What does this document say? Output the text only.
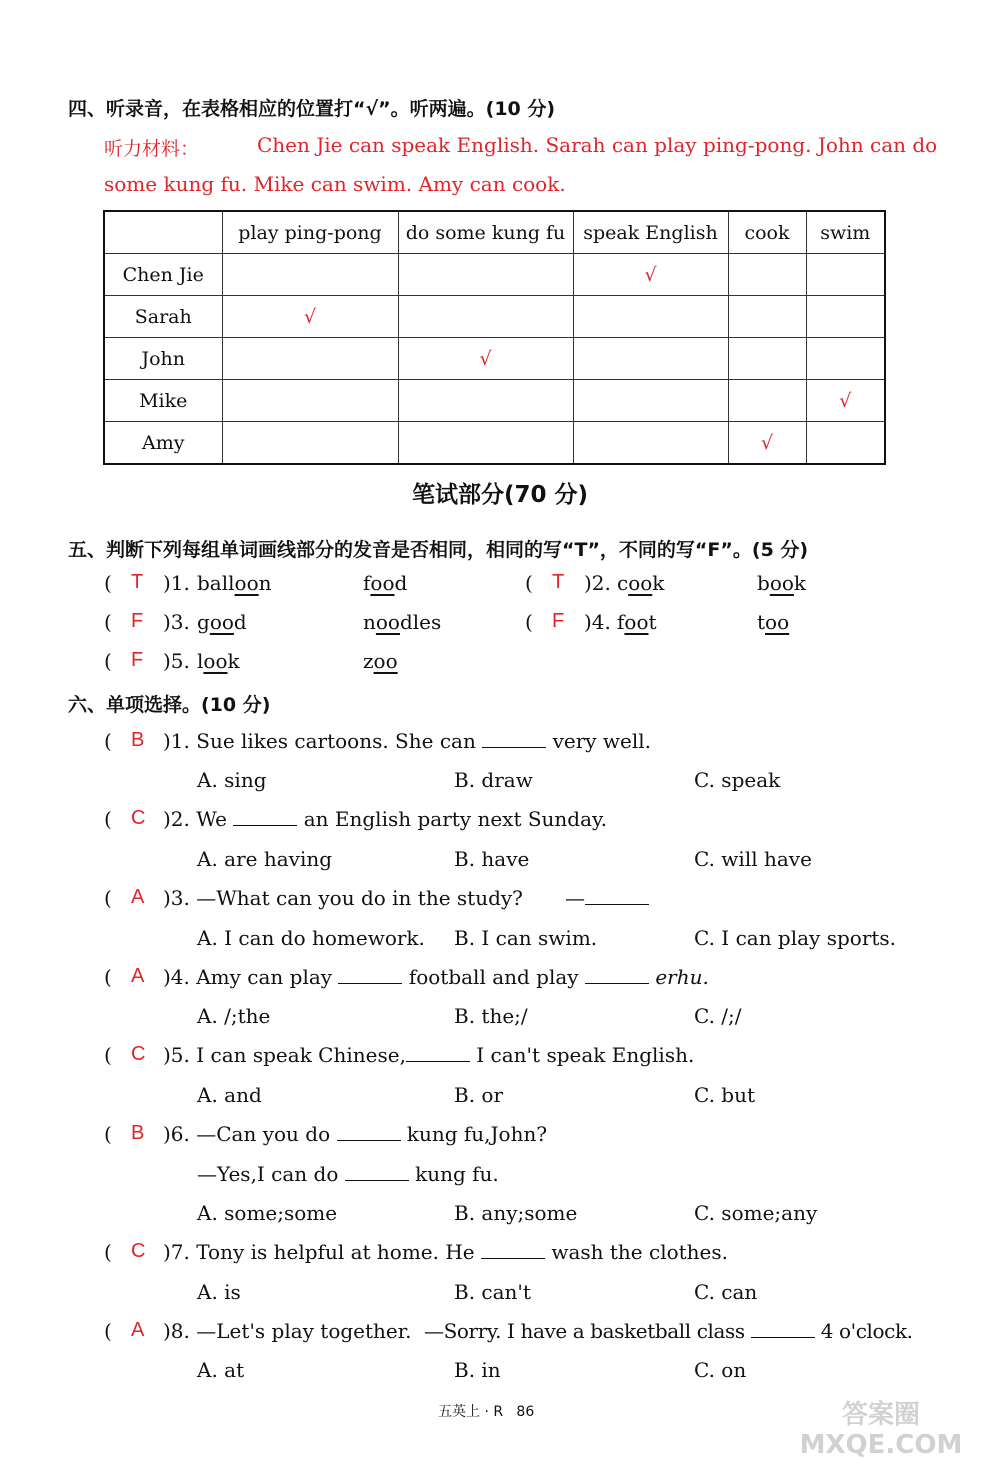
四、听录音，在表格相应的位置打“√”。听两遍。(10 分)
听力材料：	Chen Jie can speak English. Sarah can play ping-pong. John can do
some kung fu. Mike can swim. Amy can cook.
	play ping-pong	do some kung fu	speak English	cook	swim
Chen Jie			√		
Sarah	√				
John		√			
Mike					√
Amy				√	
笔试部分(70 分)
五、判断下列每组单词画线部分的发音是否相同，相同的写“T”，不同的写“F”。(5 分)
( T )1. balloon	food	( T )2. cook	book
( F )3. good	noodles	( F )4. foot	too
( F )5. look	zoo
六、单项选择。(10 分)
( B )1. Sue likes cartoons. She can	very well.
A. sing	B. draw	C. speak
( C )2. We	an English party next Sunday.
A. are having	B. have	C. will have
( A )3. —What can you do in the study? —
A. I can do homework. B. I can swim.	C. I can play sports.
( A )4. Amy can play	football and play	erhu.
A. /;the	B. the;/	C. /;/
( C )5. I can speak Chinese,	I can't speak English.
A. and	B. or	C. but
( B )6. —Can you do	kung fu,John?
—Yes,I can do	kung fu.
A. some;some	B. any;some	C. some;any
( C )7. Tony is helpful at home. He	wash the clothes.
A. is	B. can't	C. can
( A )8. —Let's play together. —Sorry. I have a basketball class	4 o'clock.
A. at	B. in	C. on
五英上 · R   86	答案圈 MXQE.COM
